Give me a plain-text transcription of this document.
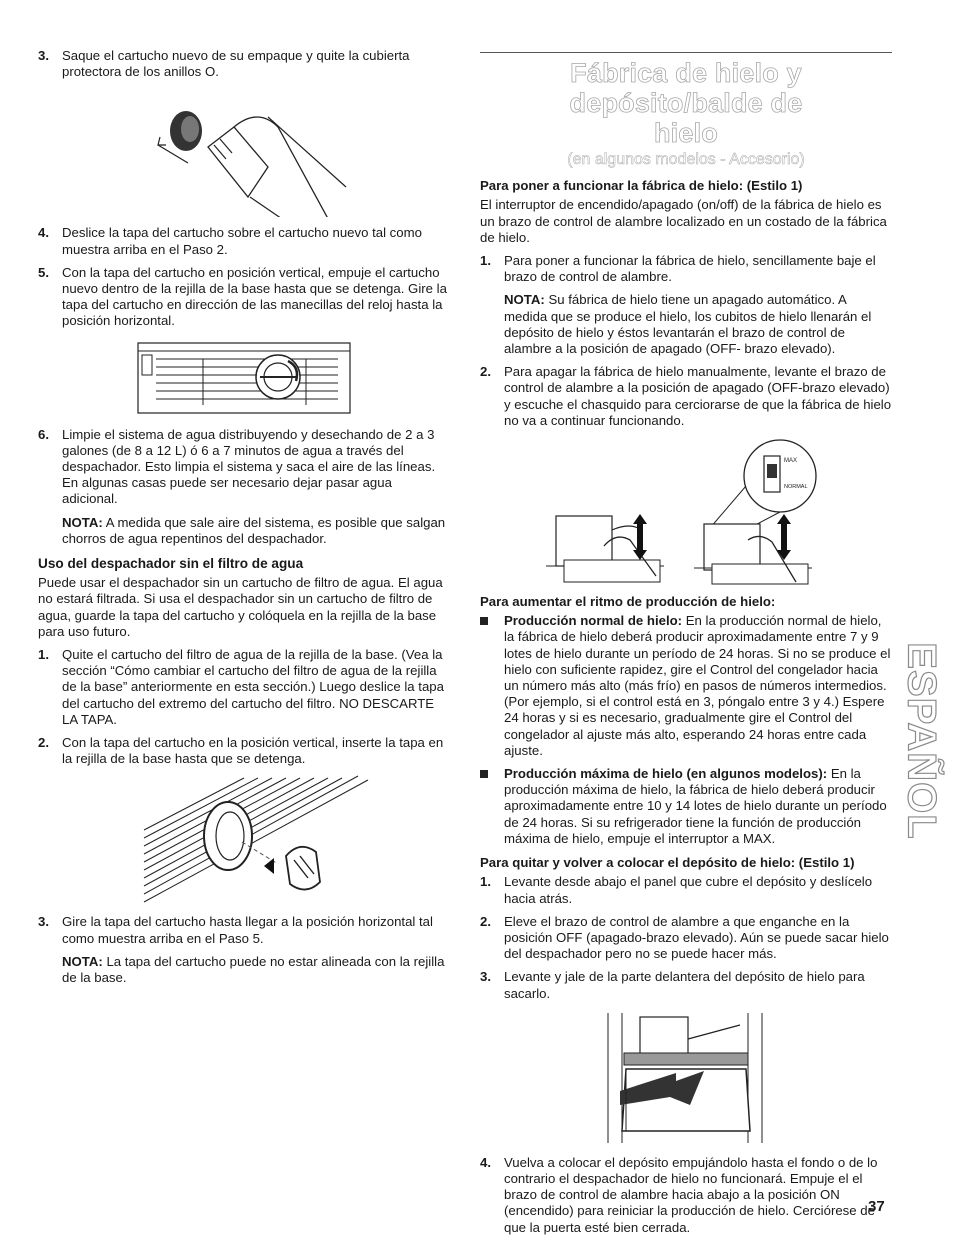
3. Saque el cartucho nuevo de su empaque y quite la cubierta protectora de los anillos O.
4. Deslice la tapa del cartucho sobre el cartucho nuevo tal como muestra arriba en el Paso 2.
5. Con la tapa del cartucho en posición vertical, empuje el cartucho nuevo dentro de la rejilla de la base hasta que se detenga. Gire la tapa del cartucho en dirección de las manecillas del reloj hasta la posición horizontal.
6. Limpie el sistema de agua distribuyendo y desechando de 2 a 3 galones (de 8 a 12 L) ó 6 a 7 minutos de agua a través del despachador. Esto limpia el sistema y saca el aire de las líneas. En algunas casas puede ser necesario dejar pasar agua adicional.
NOTA: A medida que sale aire del sistema, es posible que salgan chorros de agua repentinos del despachador.
Uso del despachador sin el filtro de agua

Puede usar el despachador sin un cartucho de filtro de agua. El agua no estará filtrada. Si usa el despachador sin un cartucho de filtro de agua, guarde la tapa del cartucho y colóquela en la rejilla de la base para uso futuro.

1. Quite el cartucho del filtro de agua de la rejilla de la base. (Vea la sección “Cómo cambiar el cartucho del filtro de agua de la rejilla de la base” anteriormente en esta sección.) Luego deslice la tapa del cartucho del extremo del cartucho del filtro. NO DESCARTE LA TAPA.
2. Con la tapa del cartucho en la posición vertical, inserte la tapa en la rejilla de la base hasta que se detenga.
3. Gire la tapa del cartucho hasta llegar a la posición horizontal tal como muestra arriba en el Paso 5.
NOTA: La tapa del cartucho puede no estar alineada con la rejilla de la base.
Fábrica de hielo y depósito/balde de
hielo
(en algunos modelos - Accesorio)
Para poner a funcionar la fábrica de hielo: (Estilo 1)

El interruptor de encendido/apagado (on/off) de la fábrica de hielo es un brazo de control de alambre localizado en un costado de la fábrica de hielo.

1. Para poner a funcionar la fábrica de hielo, sencillamente baje el brazo de control de alambre.
NOTA: Su fábrica de hielo tiene un apagado automático. A medida que se produce el hielo, los cubitos de hielo llenarán el depósito de hielo y éstos levantarán el brazo de control de alambre a la posición de apagado (OFF- brazo elevado).
2. Para apagar la fábrica de hielo manualmente, levante el brazo de control de alambre a la posición de apagado (OFF-brazo elevado) y escuche el chasquido para cerciorarse de que la fábrica de hielo no va a continuar funcionando.
MAX
NORMAL
Para aumentar el ritmo de producción de hielo:
Producción normal de hielo: En la producción normal de hielo, la fábrica de hielo deberá producir aproximadamente entre 7 y 9 lotes de hielo durante un período de 24 horas. Si no se produce el hielo con suficiente rapidez, gire el Control del congelador hacia un número más alto (más frío) en pasos de números intermedios. (Por ejemplo, si el control está en 3, póngalo entre 3 y 4.) Espere 24 horas y si es necesario, gradualmente gire el Control del congelador al ajuste más alto, esperando 24 horas entre cada ajuste.
Producción máxima de hielo (en algunos modelos): En la producción máxima de hielo, la fábrica de hielo deberá producir aproximadamente entre 10 y 14 lotes de hielo durante un período de 24 horas. Si su refrigerador tiene la función de producción máxima de hielo, empuje el interruptor a MAX.
Para quitar y volver a colocar el depósito de hielo: (Estilo 1)
1. Levante desde abajo el panel que cubre el depósito y deslícelo hacia atrás.
2. Eleve el brazo de control de alambre a que enganche en la posición OFF (apagado-brazo elevado). Aún se puede sacar hielo del despachador pero no se puede hacer más.
3. Levante y jale de la parte delantera del depósito de hielo para sacarlo.
4. Vuelva a colocar el depósito empujándolo hasta el fondo o de lo contrario el despachador de hielo no funcionará. Empuje el el brazo de control de alambre hacia abajo a la posición ON (encendido) para reiniciar la producción de hielo. Cerciórese de que la puerta esté bien cerrada.
ESPAÑOL
37
